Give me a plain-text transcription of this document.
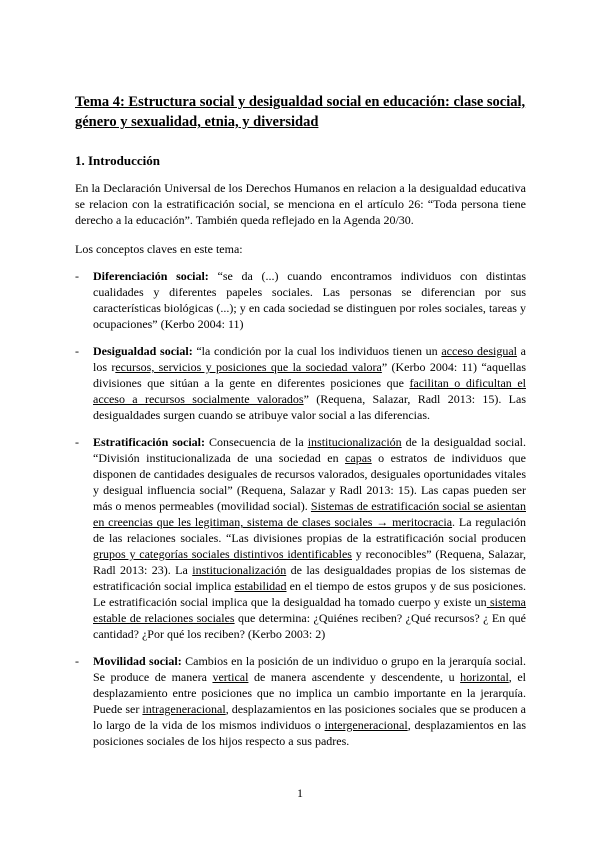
Tema 4: Estructura social y desigualdad social en educación: clase social, género y sexualidad, etnia, y diversidad

1. Introducción

En la Declaración Universal de los Derechos Humanos en relacion a la desigualdad educativa se relacion con la estratificación social, se menciona en el artículo 26: “Toda persona tiene derecho a la educación”. También queda reflejado en la Agenda 20/30.

Los conceptos claves en este tema:

- Diferenciación social: “se da (...) cuando encontramos individuos con distintas cualidades y diferentes papeles sociales. Las personas se diferencian por sus características biológicas (...); y en cada sociedad se distinguen por roles sociales, tareas y ocupaciones” (Kerbo 2004: 11)
- Desigualdad social: “la condición por la cual los individuos tienen un acceso desigual a los recursos, servicios y posiciones que la sociedad valora” (Kerbo 2004: 11) “aquellas divisiones que sitúan a la gente en diferentes posiciones que facilitan o dificultan el acceso a recursos socialmente valorados” (Requena, Salazar, Radl 2013: 15). Las desigualdades surgen cuando se atribuye valor social a las diferencias.
- Estratificación social: Consecuencia de la institucionalización de la desigualdad social. “División institucionalizada de una sociedad en capas o estratos de individuos que disponen de cantidades desiguales de recursos valorados, desiguales oportunidades vitales y desigual influencia social” (Requena, Salazar y Radl 2013: 15). Las capas pueden ser más o menos permeables (movilidad social). Sistemas de estratificación social se asientan en creencias que les legitiman, sistema de clases sociales → meritocracia. La regulación de las relaciones sociales. “Las divisiones propias de la estratificación social producen grupos y categorías sociales distintivos identificables y reconocibles” (Requena, Salazar, Radl 2013: 23). La institucionalización de las desigualdades propias de los sistemas de estratificación social implica estabilidad en el tiempo de estos grupos y de sus posiciones. Le estratificación social implica que la desigualdad ha tomado cuerpo y existe un sistema estable de relaciones sociales que determina: ¿Quiénes reciben? ¿Qué recursos? ¿ En qué cantidad? ¿Por qué los reciben? (Kerbo 2003: 2)
- Movilidad social: Cambios en la posición de un individuo o grupo en la jerarquía social. Se produce de manera vertical de manera ascendente y descendente, u horizontal, el desplazamiento entre posiciones que no implica un cambio importante en la jerarquía. Puede ser intrageneracional, desplazamientos en las posiciones sociales que se producen a lo largo de la vida de los mismos individuos o intergeneracional, desplazamientos en las posiciones sociales de los hijos respecto a sus padres.
1
